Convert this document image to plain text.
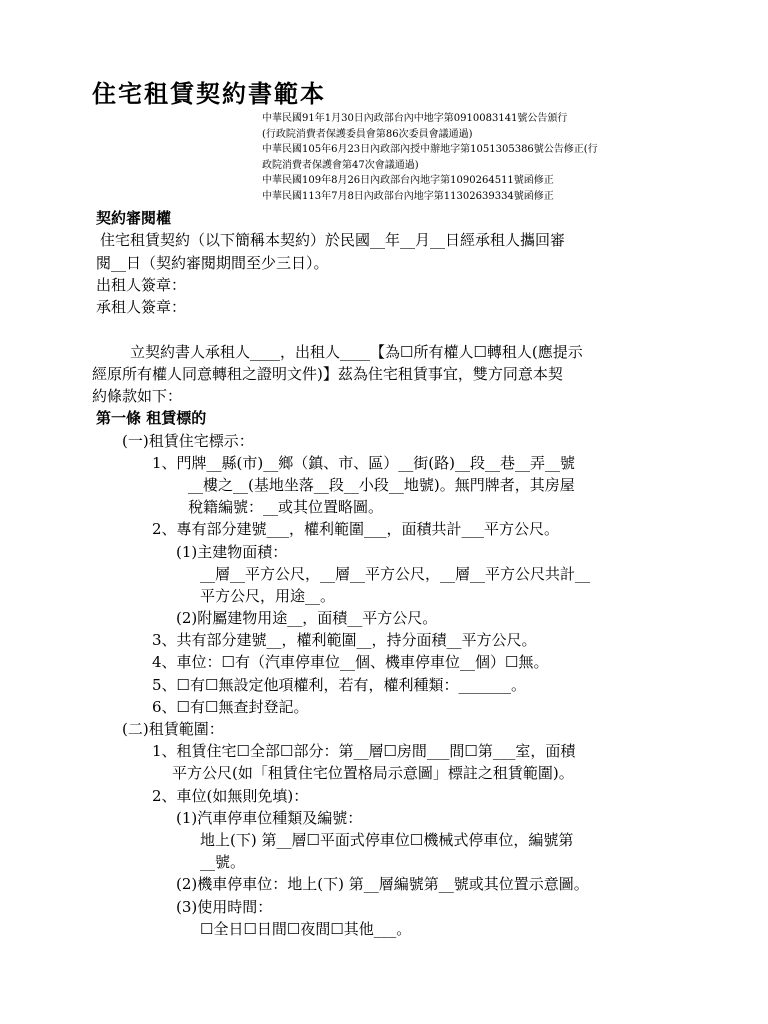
住宅租賃契約書範本
中華民國91年1月30日內政部台內中地字第0910083141號公告頒行
(行政院消費者保護委員會第86次委員會議通過)
中華民國105年6月23日內政部內授中辦地字第1051305386號公告修正(行
政院消費者保護會第47次會議通過)
中華民國109年8月26日內政部台內地字第1090264511號函修正
中華民國113年7月8日內政部台內地字第11302639334號函修正
契約審閱權
住宅租賃契約（以下簡稱本契約）於民國__年__月__日經承租人攜回審
閱__日（契約審閱期間至少三日）。
出租人簽章：
承租人簽章：
立契約書人承租人____，出租人____【為☐所有權人☐轉租人(應提示
經原所有權人同意轉租之證明文件)】茲為住宅租賃事宜，雙方同意本契
約條款如下：
第一條 租賃標的
(一)租賃住宅標示：
1、門牌__縣(市)__鄉（鎮、市、區）__街(路)__段__巷__弄__號
__樓之__(基地坐落__段__小段__地號)。無門牌者，其房屋
稅籍編號：__或其位置略圖。
2、專有部分建號___，權利範圍___，面積共計___平方公尺。
(1)主建物面積：
__層__平方公尺，__層__平方公尺，__層__平方公尺共計__
平方公尺，用途__。
(2)附屬建物用途__，面積__平方公尺。
3、共有部分建號__，權利範圍__，持分面積__平方公尺。
4、車位：☐有（汽車停車位__個、機車停車位__個）☐無。
5、☐有☐無設定他項權利，若有，權利種類：_______。
6、☐有☐無查封登記。
(二)租賃範圍：
1、租賃住宅☐全部☐部分：第__層☐房間___間☐第___室，面積
平方公尺(如「租賃住宅位置格局示意圖」標註之租賃範圍)。
2、車位(如無則免填)：
(1)汽車停車位種類及編號：
地上(下) 第__層☐平面式停車位☐機械式停車位，編號第
__號。
(2)機車停車位：地上(下) 第__層編號第__號或其位置示意圖。
(3)使用時間：
☐全日☐日間☐夜間☐其他___。
